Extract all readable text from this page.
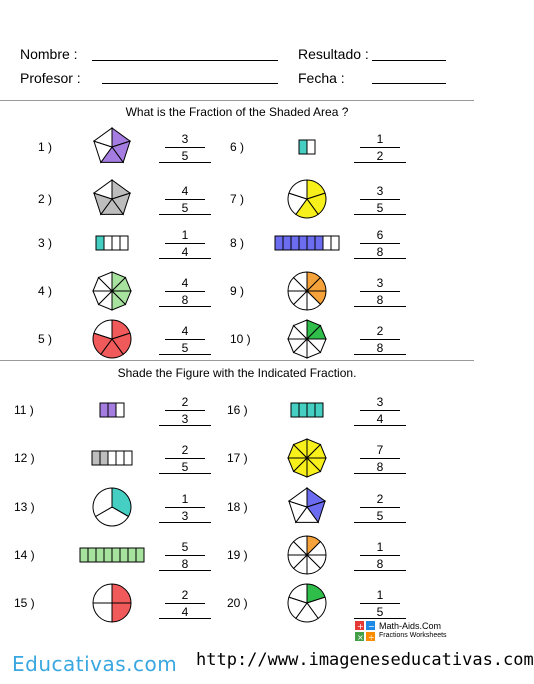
Nombre :	Resultado :
Profesor :	Fecha :
What is the Fraction of the Shaded Area ?
Shade the Figure with the Indicated Fraction.
1 )
3
5
2 )
4
5
3 )
1
4
4 )
4
8
5 )
4
5
6 )
1
2
7 )
3
5
8 )
6
8
9 )
3
8
10 )
2
8
11 )
2
3
12 )
2
5
13 )
1
3
14 )
5
8
15 )
2
4
16 )
3
4
17 )
7
8
18 )
2
5
19 )
1
8
20 )
1
5
+ −
× ÷
Math-Aids.Com
Fractions Worksheets
Educativas.com http://www.imageneseducativas.com
